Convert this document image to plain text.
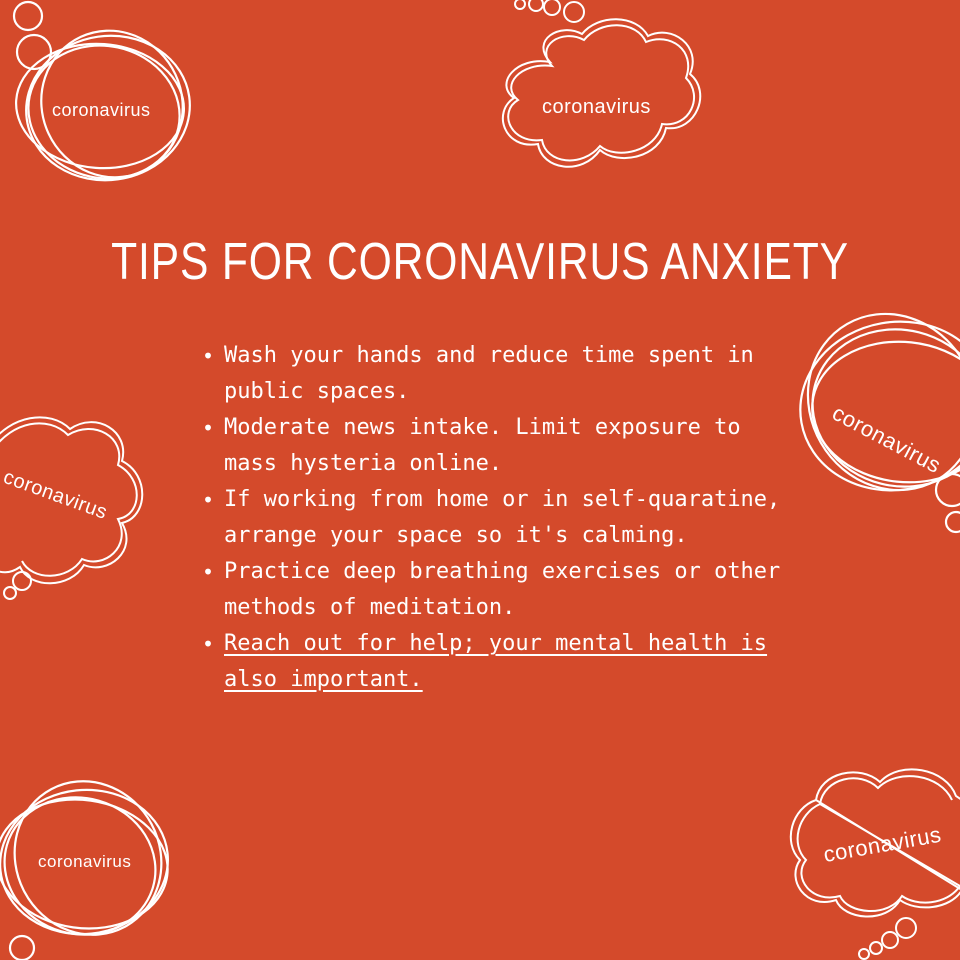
coronavirus	coronavirus
coronavirus
coronavirus
coronavirus	coronavirus
TIPS FOR CORONAVIRUS ANXIETY
• Wash your hands and reduce time spent in public spaces.
• Moderate news intake. Limit exposure to mass hysteria online.
• If working from home or in self-quaratine, arrange your space so it's calming.
• Practice deep breathing exercises or other methods of meditation.
• Reach out for help; your mental health is also important.
